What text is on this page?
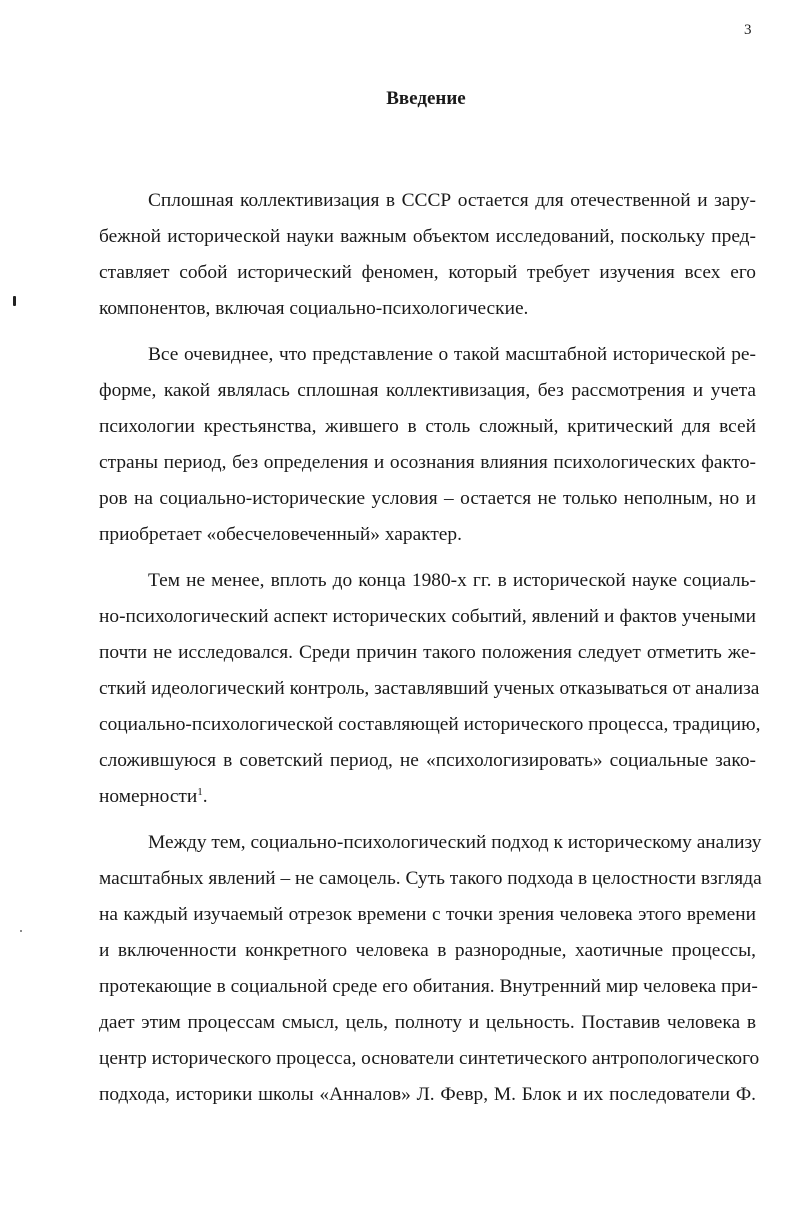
3
Введение
Сплошная коллективизация в СССР остается для отечественной и зару-
бежной исторической науки важным объектом исследований, поскольку пред-
ставляет собой исторический феномен, который требует изучения всех его
компонентов, включая социально-психологические.
Все очевиднее, что представление о такой масштабной исторической ре-
форме, какой являлась сплошная коллективизация, без рассмотрения и учета
психологии крестьянства, жившего в столь сложный, критический для всей
страны период, без определения и осознания влияния психологических факто-
ров на социально-исторические условия – остается не только неполным, но и
приобретает «обесчеловеченный» характер.
Тем не менее, вплоть до конца 1980-х гг. в исторической науке социаль-
но-психологический аспект исторических событий, явлений и фактов учеными
почти не исследовался. Среди причин такого положения следует отметить же-
сткий идеологический контроль, заставлявший ученых отказываться от анализа
социально-психологической составляющей исторического процесса, традицию,
сложившуюся в советский период, не «психологизировать» социальные зако-
номерности$^1$.
Между тем, социально-психологический подход к историческому анализу
масштабных явлений – не самоцель. Суть такого подхода в целостности взгляда
на каждый изучаемый отрезок времени с точки зрения человека этого времени
и включенности конкретного человека в разнородные, хаотичные процессы,
протекающие в социальной среде его обитания. Внутренний мир человека при-
дает этим процессам смысл, цель, полноту и цельность. Поставив человека в
центр исторического процесса, основатели синтетического антропологического
подхода, историки школы «Анналов» Л. Февр, М. Блок и их последователи Ф.
